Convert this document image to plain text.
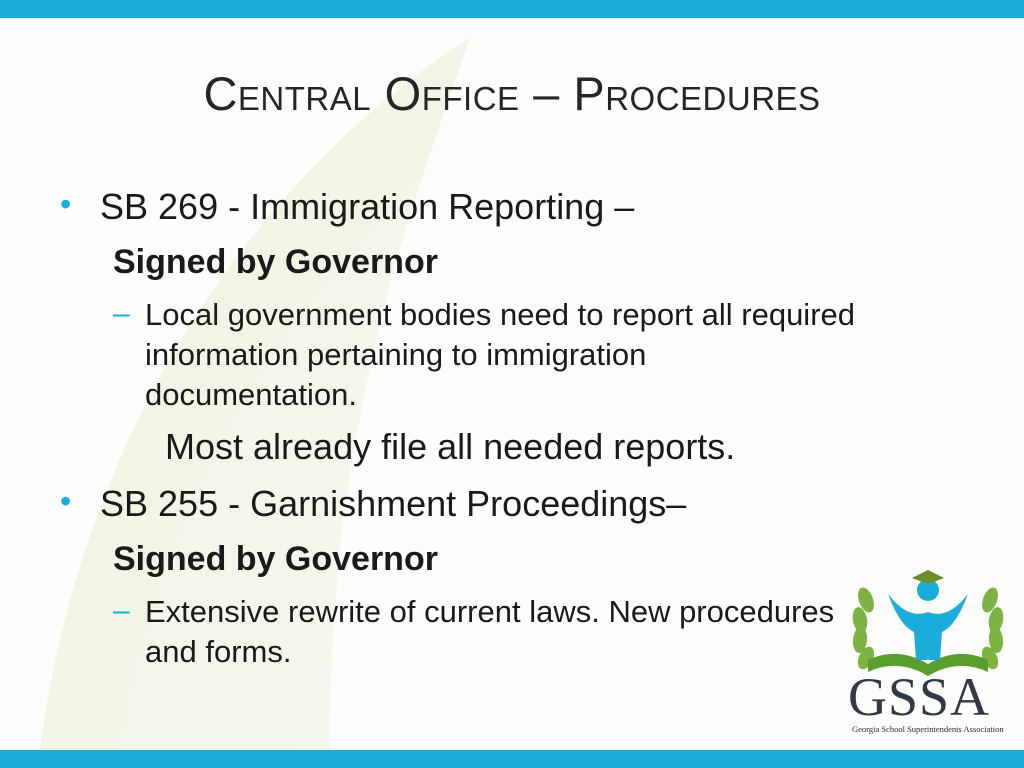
Central Office – Procedures
• SB 269 - Immigration Reporting –
Signed by Governor
– Local government bodies need to report all required
information pertaining to immigration
documentation.
Most already file all needed reports.
• SB 255 - Garnishment Proceedings–
Signed by Governor
– Extensive rewrite of current laws. New procedures
and forms.
GSSA
Georgia School Superintendents Association
